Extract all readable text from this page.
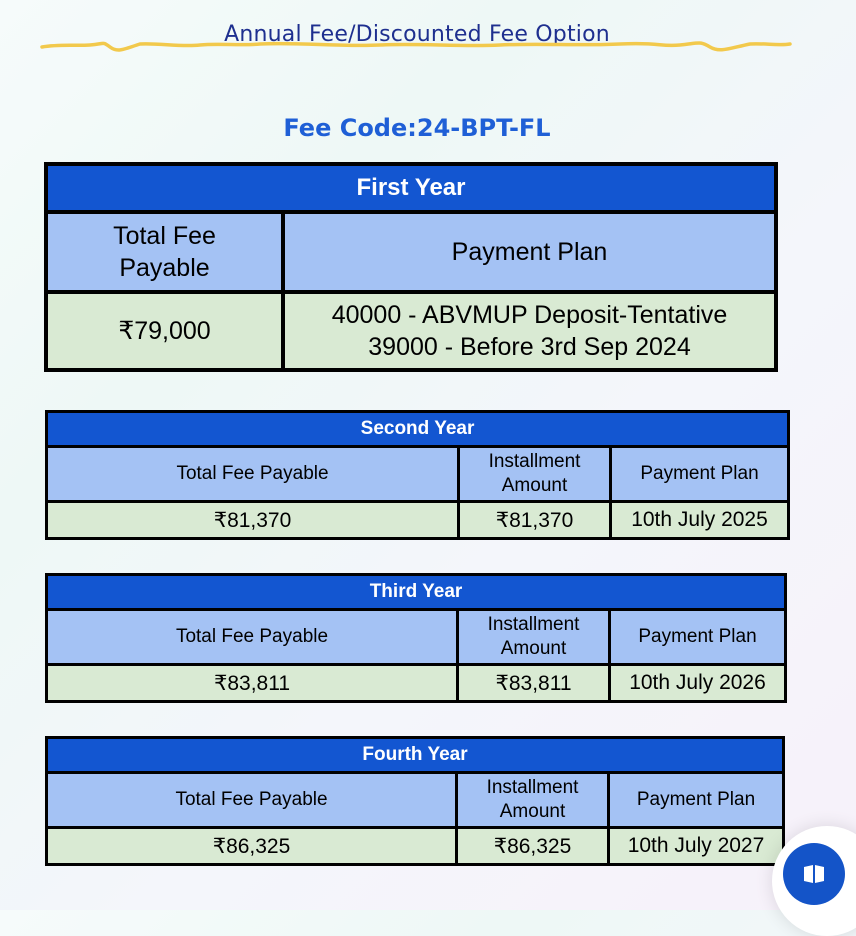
Annual Fee/Discounted Fee Option
Fee Code:24-BPT-FL
First Year	

Total Fee Payable	Payment Plan
₹79,000	40000 - ABVMUP Deposit-Tentative
39000 - Before 3rd Sep 2024
Second Year		
Total Fee Payable	Installment Amount	Payment Plan
₹81,370	₹81,370	10th July 2025
Third Year		
Total Fee Payable	Installment Amount	Payment Plan
₹83,811	₹83,811	10th July 2026
Fourth Year		
Total Fee Payable	Installment Amount	Payment Plan
₹86,325	₹86,325	10th July 2027
